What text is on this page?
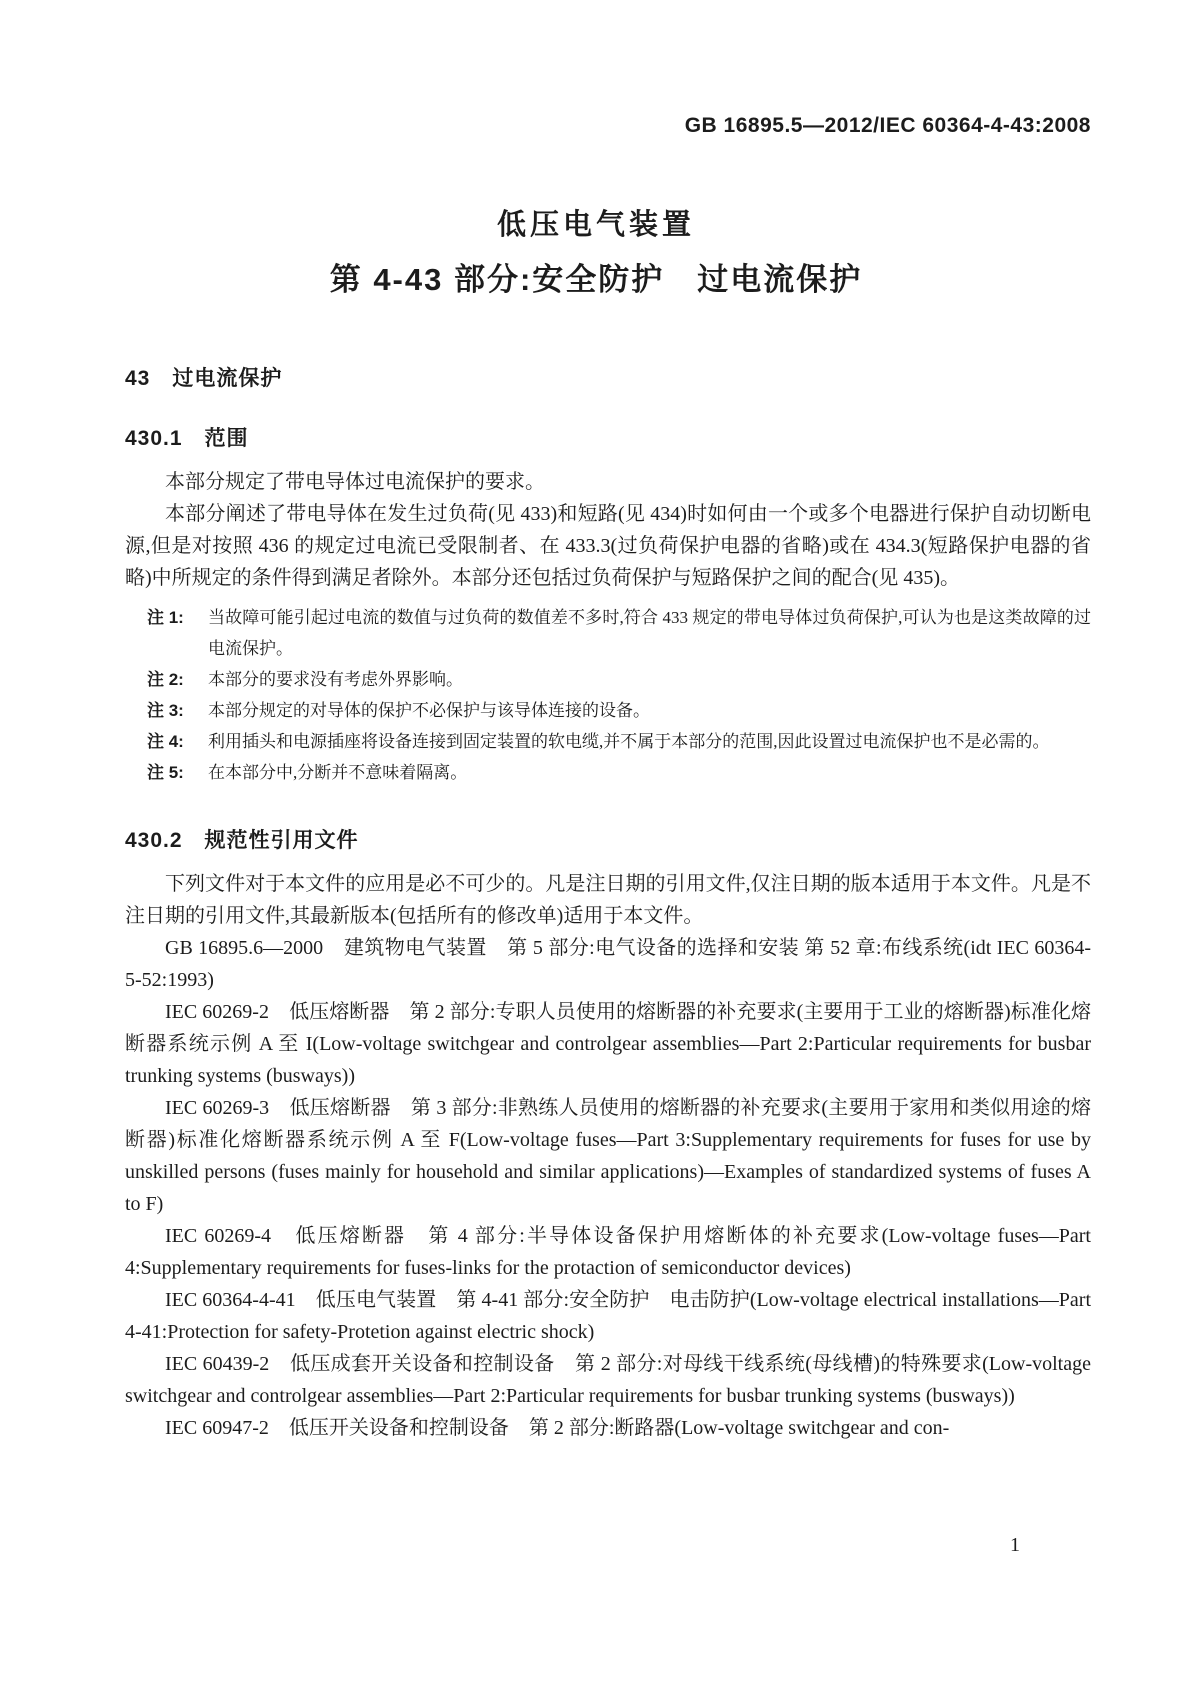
GB 16895.5—2012/IEC 60364-4-43:2008
低压电气装置
第 4-43 部分:安全防护　过电流保护
43　过电流保护
430.1　范围

本部分规定了带电导体过电流保护的要求。

本部分阐述了带电导体在发生过负荷(见 433)和短路(见 434)时如何由一个或多个电器进行保护自动切断电源,但是对按照 436 的规定过电流已受限制者、在 433.3(过负荷保护电器的省略)或在 434.3(短路保护电器的省略)中所规定的条件得到满足者除外。本部分还包括过负荷保护与短路保护之间的配合(见 435)。

注 1: 当故障可能引起过电流的数值与过负荷的数值差不多时,符合 433 规定的带电导体过负荷保护,可认为也是这类故障的过电流保护。
注 2: 本部分的要求没有考虑外界影响。
注 3: 本部分规定的对导体的保护不必保护与该导体连接的设备。
注 4: 利用插头和电源插座将设备连接到固定装置的软电缆,并不属于本部分的范围,因此设置过电流保护也不是必需的。
注 5: 在本部分中,分断并不意味着隔离。
430.2　规范性引用文件

下列文件对于本文件的应用是必不可少的。凡是注日期的引用文件,仅注日期的版本适用于本文件。凡是不注日期的引用文件,其最新版本(包括所有的修改单)适用于本文件。

GB 16895.6—2000　建筑物电气装置　第 5 部分:电气设备的选择和安装 第 52 章:布线系统(idt IEC 60364-5-52:1993)

IEC 60269-2　低压熔断器　第 2 部分:专职人员使用的熔断器的补充要求(主要用于工业的熔断器)标准化熔断器系统示例 A 至 I(Low-voltage switchgear and controlgear assemblies—Part 2:Particular requirements for busbar trunking systems (busways))

IEC 60269-3　低压熔断器　第 3 部分:非熟练人员使用的熔断器的补充要求(主要用于家用和类似用途的熔断器)标准化熔断器系统示例 A 至 F(Low-voltage fuses—Part 3:Supplementary requirements for fuses for use by unskilled persons (fuses mainly for household and similar applications)—Examples of standardized systems of fuses A to F)

IEC 60269-4　低压熔断器　第 4 部分:半导体设备保护用熔断体的补充要求(Low-voltage fuses—Part 4:Supplementary requirements for fuses-links for the protaction of semiconductor devices)

IEC 60364-4-41　低压电气装置　第 4-41 部分:安全防护　电击防护(Low-voltage electrical installations—Part 4-41:Protection for safety-Protetion against electric shock)

IEC 60439-2　低压成套开关设备和控制设备　第 2 部分:对母线干线系统(母线槽)的特殊要求(Low-voltage switchgear and controlgear assemblies—Part 2:Particular requirements for busbar trunking systems (busways))

IEC 60947-2　低压开关设备和控制设备　第 2 部分:断路器(Low-voltage switchgear and con-

1
